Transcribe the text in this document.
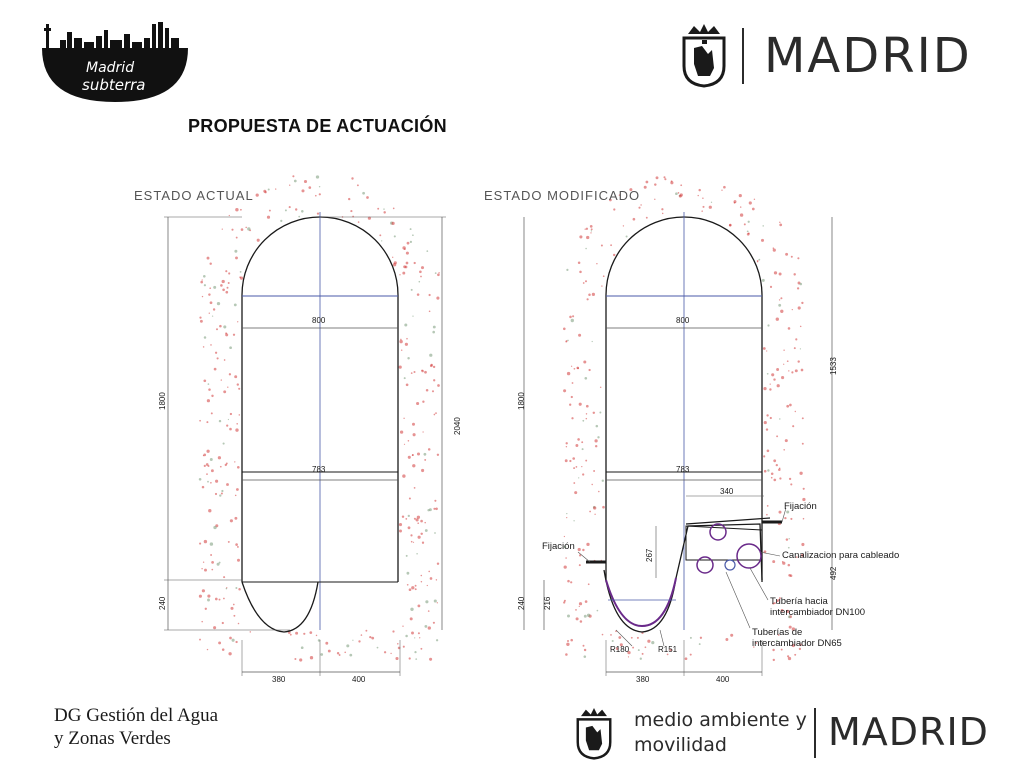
Madrid
subterra
MADRID
PROPUESTA DE ACTUACIÓN
ESTADO ACTUAL
800
783
1800
240
2040
380	400
ESTADO MODIFICADO
800
783
1800
240 216
1533
492
267
340
380	400
R180	R151
Fijación
Fijación
Canalizacion para cableado
Tubería hacia
intercambiador DN100
Tuberías de
intercambiador DN65
DG Gestión del Agua
y Zonas Verdes
medio ambiente y
movilidad	MADRID
